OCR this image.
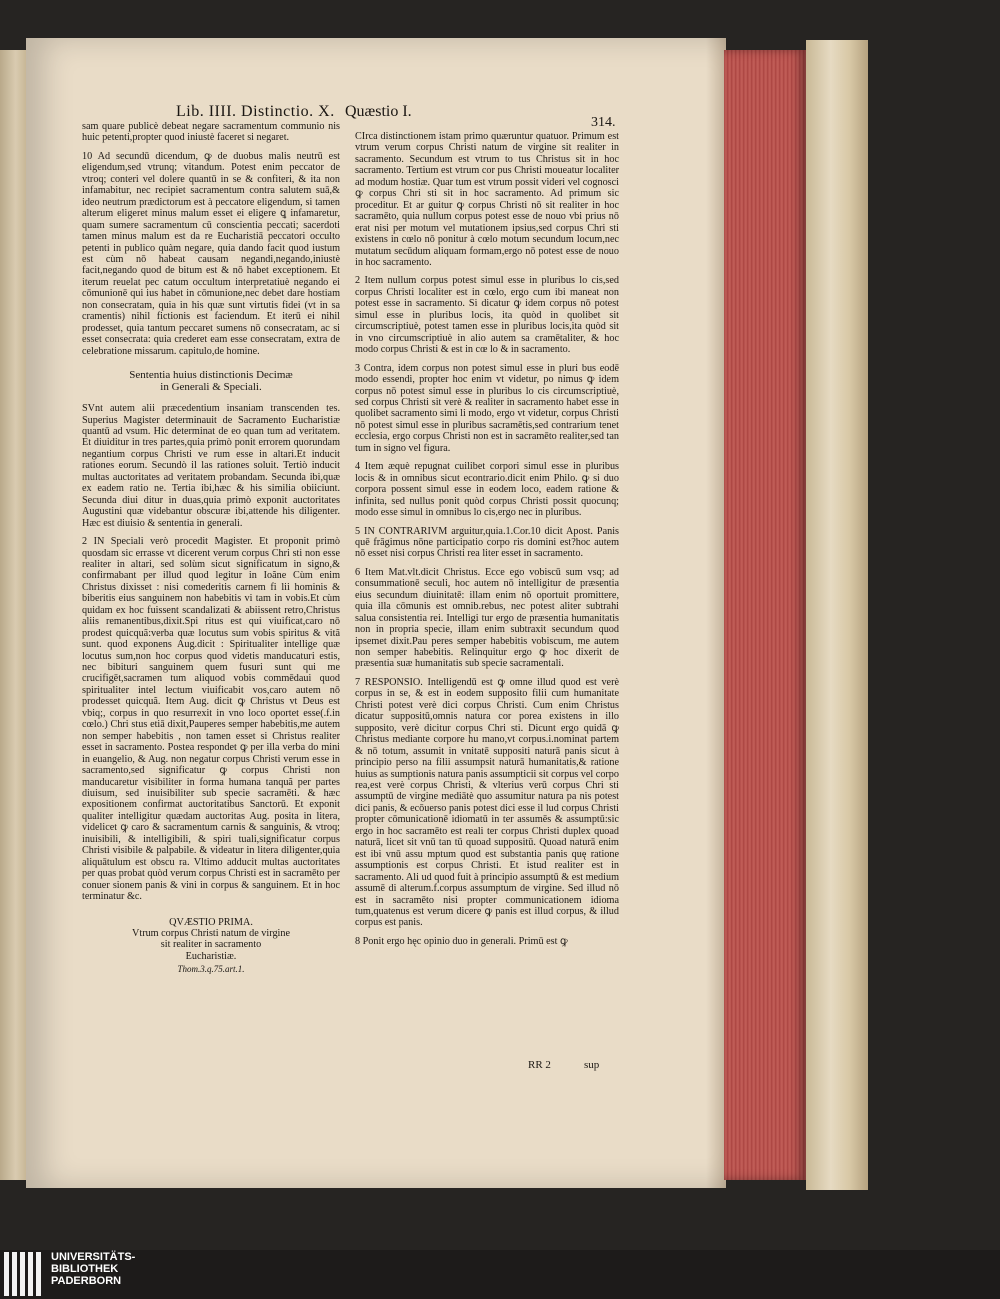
Lib. IIII. Distinctio. X. Quæstio I.
314.

sam quare publicè debeat negare sacramentum communio nis huic petenti,propter quod iniustè faceret si negaret.

10 Ad secundū dicendum, ꝙ de duobus malis neutrū est eligendum,sed vtrunq; vitandum. Potest enim peccator de vtroq; conteri vel dolere quantū in se & confiteri, & ita non infamabitur, nec recipiet sacramentum contra salutem suā,& ideo neutrum prædictorum est à peccatore eligendum, si tamen alterum eligeret minus malum esset ei eligere ꝗ infamaretur, quam sumere sacramentum cū conscientia peccati; sacerdoti tamen minus malum est da re Eucharistiā peccatori occulto petenti in publico quàm negare, quia dando facit quod iustum est cùm nō habeat causam negandi,negando,iniustè facit,negando quod de bitum est & nō habet exceptionem. Et iterum reuelat pec catum occultum interpretatiuè negando ei cōmunionē qui ius habet in cōmunione,nec debet dare hostiam non consecratam, quia in his quæ sunt virtutis fidei (vt in sa cramentis) nihil fictionis est faciendum. Et iterū ei nihil prodesset, quia tantum peccaret sumens nō consecratam, ac si esset consecrata: quia crederet eam esse consecratam, extra de celebratione missarum. capitulo,de homine.

Sententia huius distinctionis Decimæ
in Generali & Speciali.

SVnt autem alii præcedentium insaniam transcenden tes. Superius Magister determinauit de Sacramento Eucharistiæ quantū ad vsum. Hic determinat de eo quan tum ad veritatem. Et diuiditur in tres partes,quia primò ponit errorem quorundam negantium corpus Christi ve rum esse in altari.Et inducit rationes eorum. Secundò il las rationes soluit. Tertiò inducit multas auctoritates ad veritatem probandam. Secunda ibi,quæ ex eadem ratio ne. Tertia ibi,hæc & his similia obiiciunt. Secunda diui ditur in duas,quia primò exponit auctoritates Augustini quæ videbantur obscuræ ibi,attende his diligenter. Hæc est diuisio & sententia in generali.

2 IN Speciali verò procedit Magister. Et proponit primò quosdam sic errasse vt dicerent verum corpus Chri sti non esse realiter in altari, sed solùm sicut significatum in signo,& confirmabant per illud quod legitur in Ioãne Cùm enim Christus dixisset : nisi comederitis carnem fi lii hominis & biberitis eius sanguinem non habebitis vi tam in vobis.Et cùm quidam ex hoc fuissent scandalizati & abiissent retro,Christus aliis remanentibus,dixit.Spi ritus est qui viuificat,caro nō prodest quicquã:verba quæ locutus sum vobis spiritus & vitã sunt. quod exponens Aug.dicit : Spiritualiter intellige quæ locutus sum,non hoc corpus quod videtis manducaturi estis, nec bibituri sanguinem quem fusuri sunt qui me crucifigēt,sacramen tum aliquod vobis commēdaui quod spiritualiter intel lectum viuificabit vos,caro autem nō prodesset quicquã. Item Aug. dicit ꝙ Christus vt Deus est vbiq;, corpus in quo resurrexit in vno loco oportet esse(.f.in cœlo.) Chri stus etiā dixit,Pauperes semper habebitis,me autem non semper habebitis , non tamen esset si Christus realiter esset in sacramento. Postea respondet ꝙ per illa verba do mini in euangelio, & Aug. non negatur corpus Christi verum esse in sacramento,sed significatur ꝙ corpus Christi non manducaretur visibiliter in forma humana tanquã per partes diuisum, sed inuisibiliter sub specie sacramēti. & hæc expositionem confirmat auctoritatibus Sanctorū. Et exponit qualiter intelligitur quædam auctoritas Aug. posita in litera, videlicet ꝙ caro & sacramentum carnis & sanguinis, & vtroq; inuisibili, & intelligibili, & spiri tuali,significatur corpus Christi visibile & palpabile. & videatur in litera diligenter,quia aliquātulum est obscu ra. Vltimo adducit multas auctoritates per quas probat quòd verum corpus Christi est in sacramēto per conuer sionem panis & vini in corpus & sanguinem. Et in hoc terminatur &c.

QVÆSTIO PRIMA.
Vtrum corpus Christi natum de virgine
sit realiter in sacramento
Eucharistiæ.

Thom.3.q.75.art.1.

CIrca distinctionem istam primo quæruntur quatuor. Primum est vtrum verum corpus Christi natum de virgine sit realiter in sacramento. Secundum est vtrum to tus Christus sit in hoc sacramento. Tertium est vtrum cor pus Christi moueatur localiter ad modum hostiæ. Quar tum est vtrum possit videri vel cognosci ꝙ corpus Chri sti sit in hoc sacramento. Ad primum sic proceditur. Et ar guitur ꝙ corpus Christi nō sit realiter in hoc sacramēto, quia nullum corpus potest esse de nouo vbi prius nō erat nisi per motum vel mutationem ipsius,sed corpus Chri sti existens in cœlo nō ponitur à cœlo motum secundum locum,nec mutatum secūdum aliquam formam,ergo nō potest esse de nouo in hoc sacramento.

2 Item nullum corpus potest simul esse in pluribus lo cis,sed corpus Christi localiter est in cœlo, ergo cum ibi maneat non potest esse in sacramento. Si dicatur ꝙ idem corpus nō potest simul esse in pluribus locis, ita quòd in quolibet sit circumscriptiuè, potest tamen esse in pluribus locis,ita quòd sit in vno circumscriptiuè in alio autem sa cramētaliter, & hoc modo corpus Christi & est in cœ lo & in sacramento.

3 Contra, idem corpus non potest simul esse in pluri bus eodē modo essendi, propter hoc enim vt videtur, po nimus ꝙ idem corpus nō potest simul esse in pluribus lo cis circumscriptiuè, sed corpus Christi sit verè & realiter in sacramento habet esse in quolibet sacramento simi li modo, ergo vt videtur, corpus Christi nō potest simul esse in pluribus sacramētis,sed contrarium tenet ecclesia, ergo corpus Christi non est in sacramēto realiter,sed tan tum in signo vel figura.

4 Item æquè repugnat cuilibet corpori simul esse in pluribus locis & in omnibus sicut econtrario.dicit enim Philo. ꝙ si duo corpora possent simul esse in eodem loco, eadem ratione & infinita, sed nullus ponit quòd corpus Christi possit quocunq; modo esse simul in omnibus lo cis,ergo nec in pluribus.

5 IN CONTRARIVM arguitur,quia.1.Cor.10 dicit Apost. Panis quē frāgimus nōne participatio corpo ris domini est?hoc autem nō esset nisi corpus Christi rea liter esset in sacramento.

6 Item Mat.vlt.dicit Christus. Ecce ego vobiscū sum vsq; ad consummationē seculi, hoc autem nō intelligitur de præsentia eius secundum diuinitatē: illam enim nō oportuit promittere, quia illa cōmunis est omnib.rebus, nec potest aliter subtrahi salua consistentia rei. Intelligi tur ergo de præsentia humanitatis non in propria specie, illam enim subtraxit secundum quod ipsemet dixit.Pau peres semper habebitis vobiscum, me autem non semper habebitis. Relinquitur ergo ꝙ hoc dixerit de præsentia suæ humanitatis sub specie sacramentali.

7 RESPONSIO. Intelligendū est ꝙ omne illud quod est verè corpus in se, & est in eodem supposito filii cum humanitate Christi potest verè dici corpus Christi. Cum enim Christus dicatur suppositū,omnis natura cor porea existens in illo supposito, verè dicitur corpus Chri sti. Dicunt ergo quidā ꝙ Christus mediante corpore hu mano,vt corpus.i.nominat partem & nō totum, assumit in vnitatē suppositi naturā panis sicut à principio perso na filii assumpsit naturā humanitatis,& ratione huius as sumptionis natura panis assumpticii sit corpus vel corpo rea,est verè corpus Christi, & vlterius verū corpus Chri sti assumptū de virgine mediātè quo assumitur natura pa nis potest dici panis, & ecōuerso panis potest dici esse il lud corpus Christi propter cōmunicationē idiomatū in ter assumēs & assumptū:sic ergo in hoc sacramēto est reali ter corpus Christi duplex quoad naturā, licet sit vnū tan tū quoad suppositū. Quoad naturā enim est ibi vnū assu mptum quod est substantia panis quę ratione assumptionis est corpus Christi. Et istud realiter est in sacramento. Ali ud quod fuit à principio assumptū & est medium assumē di alterum.f.corpus assumptum de virgine. Sed illud nō est in sacramēto nisi propter communicationem idioma tum,quatenus est verum dicere ꝙ panis est illud corpus, & illud corpus est panis.

8 Ponit ergo hęc opinio duo in generali. Primū est ꝙ

RR 2	sup
UNIVERSITÄTS-
BIBLIOTHEK
PADERBORN
